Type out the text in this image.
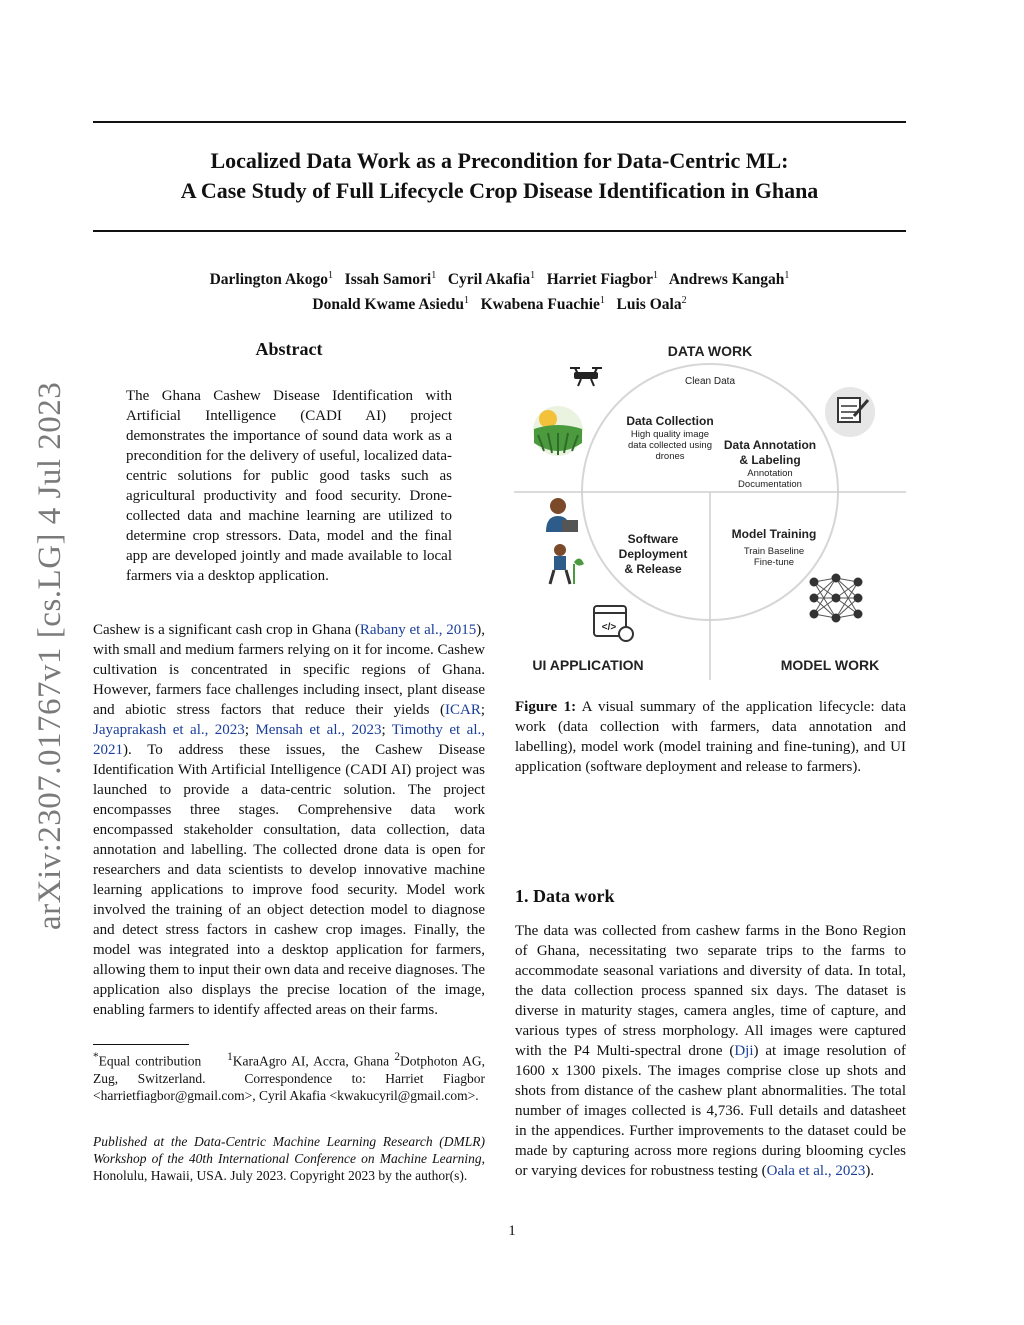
Localized Data Work as a Precondition for Data-Centric ML:
A Case Study of Full Lifecycle Crop Disease Identification in Ghana
Darlington Akogo$^1$ Issah Samori$^1$ Cyril Akafia$^1$ Harriet Fiagbor$^1$ Andrews Kangah$^1$
Donald Kwame Asiedu$^1$ Kwabena Fuachie$^1$ Luis Oala$^2$
arXiv:2307.01767v1 [cs.LG] 4 Jul 2023
Abstract
The Ghana Cashew Disease Identification with Artificial Intelligence (CADI AI) project demonstrates the importance of sound data work as a precondition for the delivery of useful, localized data-centric solutions for public good tasks such as agricultural productivity and food security. Drone-collected data and machine learning are utilized to determine crop stressors. Data, model and the final app are developed jointly and made available to local farmers via a desktop application.
Cashew is a significant cash crop in Ghana (Rabany et al., 2015), with small and medium farmers relying on it for income. Cashew cultivation is concentrated in specific regions of Ghana. However, farmers face challenges including insect, plant disease and abiotic stress factors that reduce their yields (ICAR; Jayaprakash et al., 2023; Mensah et al., 2023; Timothy et al., 2021). To address these issues, the Cashew Disease Identification With Artificial Intelligence (CADI AI) project was launched to provide a data-centric solution. The project encompasses three stages. Comprehensive data work encompassed stakeholder consultation, data collection, data annotation and labelling. The collected drone data is open for researchers and data scientists to develop innovative machine learning applications to improve food security. Model work involved the training of an object detection model to diagnose and detect stress factors in cashew crop images. Finally, the model was integrated into a desktop application for farmers, allowing them to input their own data and receive diagnoses. The application also displays the precise location of the image, enabling farmers to identify affected areas on their farms.
*Equal contribution $^1$KaraAgro AI, Accra, Ghana $^2$Dotphoton AG, Zug, Switzerland.	Correspondence to: Harriet Fiagbor <harrietfiagbor@gmail.com>, Cyril Akafia <kwakucyril@gmail.com>.
Published at the Data-Centric Machine Learning Research (DMLR) Workshop of the 40th International Conference on Machine Learning, Honolulu, Hawaii, USA. July 2023. Copyright 2023 by the author(s).
DATA WORK
Clean Data
Data Collection
High quality image
data collected using
drones
Data Annotation
& Labeling
Annotation
Documentation
Software
Deployment
& Release
Model Training
Train Baseline
Fine-tune
</>
UI APPLICATION	MODEL WORK
Figure 1: A visual summary of the application lifecycle: data work (data collection with farmers, data annotation and labelling), model work (model training and fine-tuning), and UI application (software deployment and release to farmers).
1. Data work
The data was collected from cashew farms in the Bono Region of Ghana, necessitating two separate trips to the farms to accommodate seasonal variations and diversity of data. In total, the data collection process spanned six days. The dataset is diverse in maturity stages, camera angles, time of capture, and various types of stress morphology. All images were captured with the P4 Multi-spectral drone (Dji) at image resolution of 1600 x 1300 pixels. The images comprise close up shots and shots from distance of the cashew plant abnormalities. The total number of images collected is 4,736. Full details and datasheet in the appendices. Further improvements to the dataset could be made by capturing across more regions during blooming cycles or varying devices for robustness testing (Oala et al., 2023).
1
